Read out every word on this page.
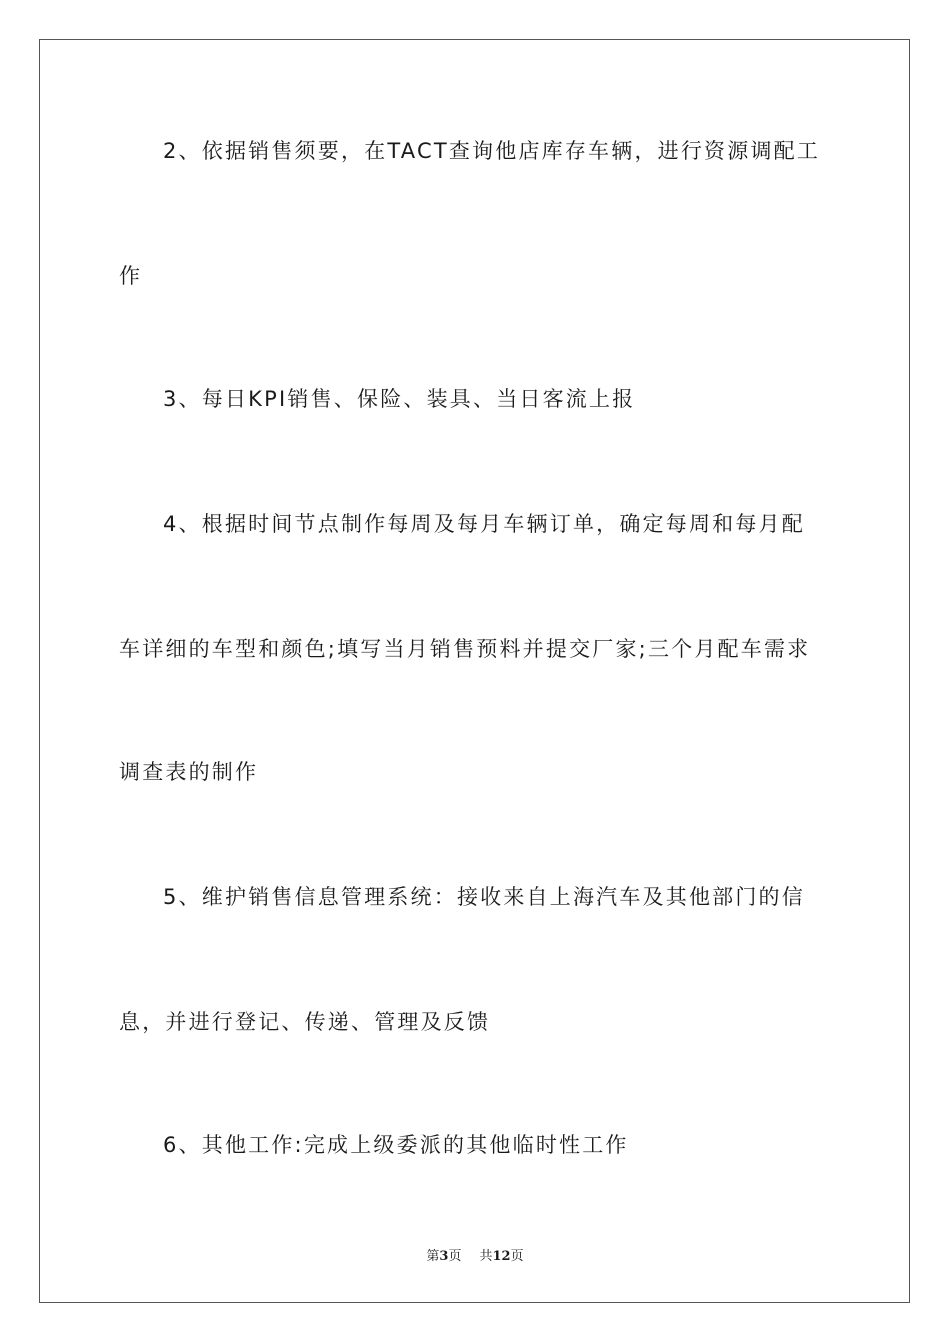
2、依据销售须要，在TACT查询他店库存车辆，进行资源调配工
作
3、每日KPI销售、保险、装具、当日客流上报
4、根据时间节点制作每周及每月车辆订单，确定每周和每月配
车详细的车型和颜色;填写当月销售预料并提交厂家;三个月配车需求
调查表的制作
5、维护销售信息管理系统：接收来自上海汽车及其他部门的信
息，并进行登记、传递、管理及反馈
6、其他工作:完成上级委派的其他临时性工作
第3页 共12页
